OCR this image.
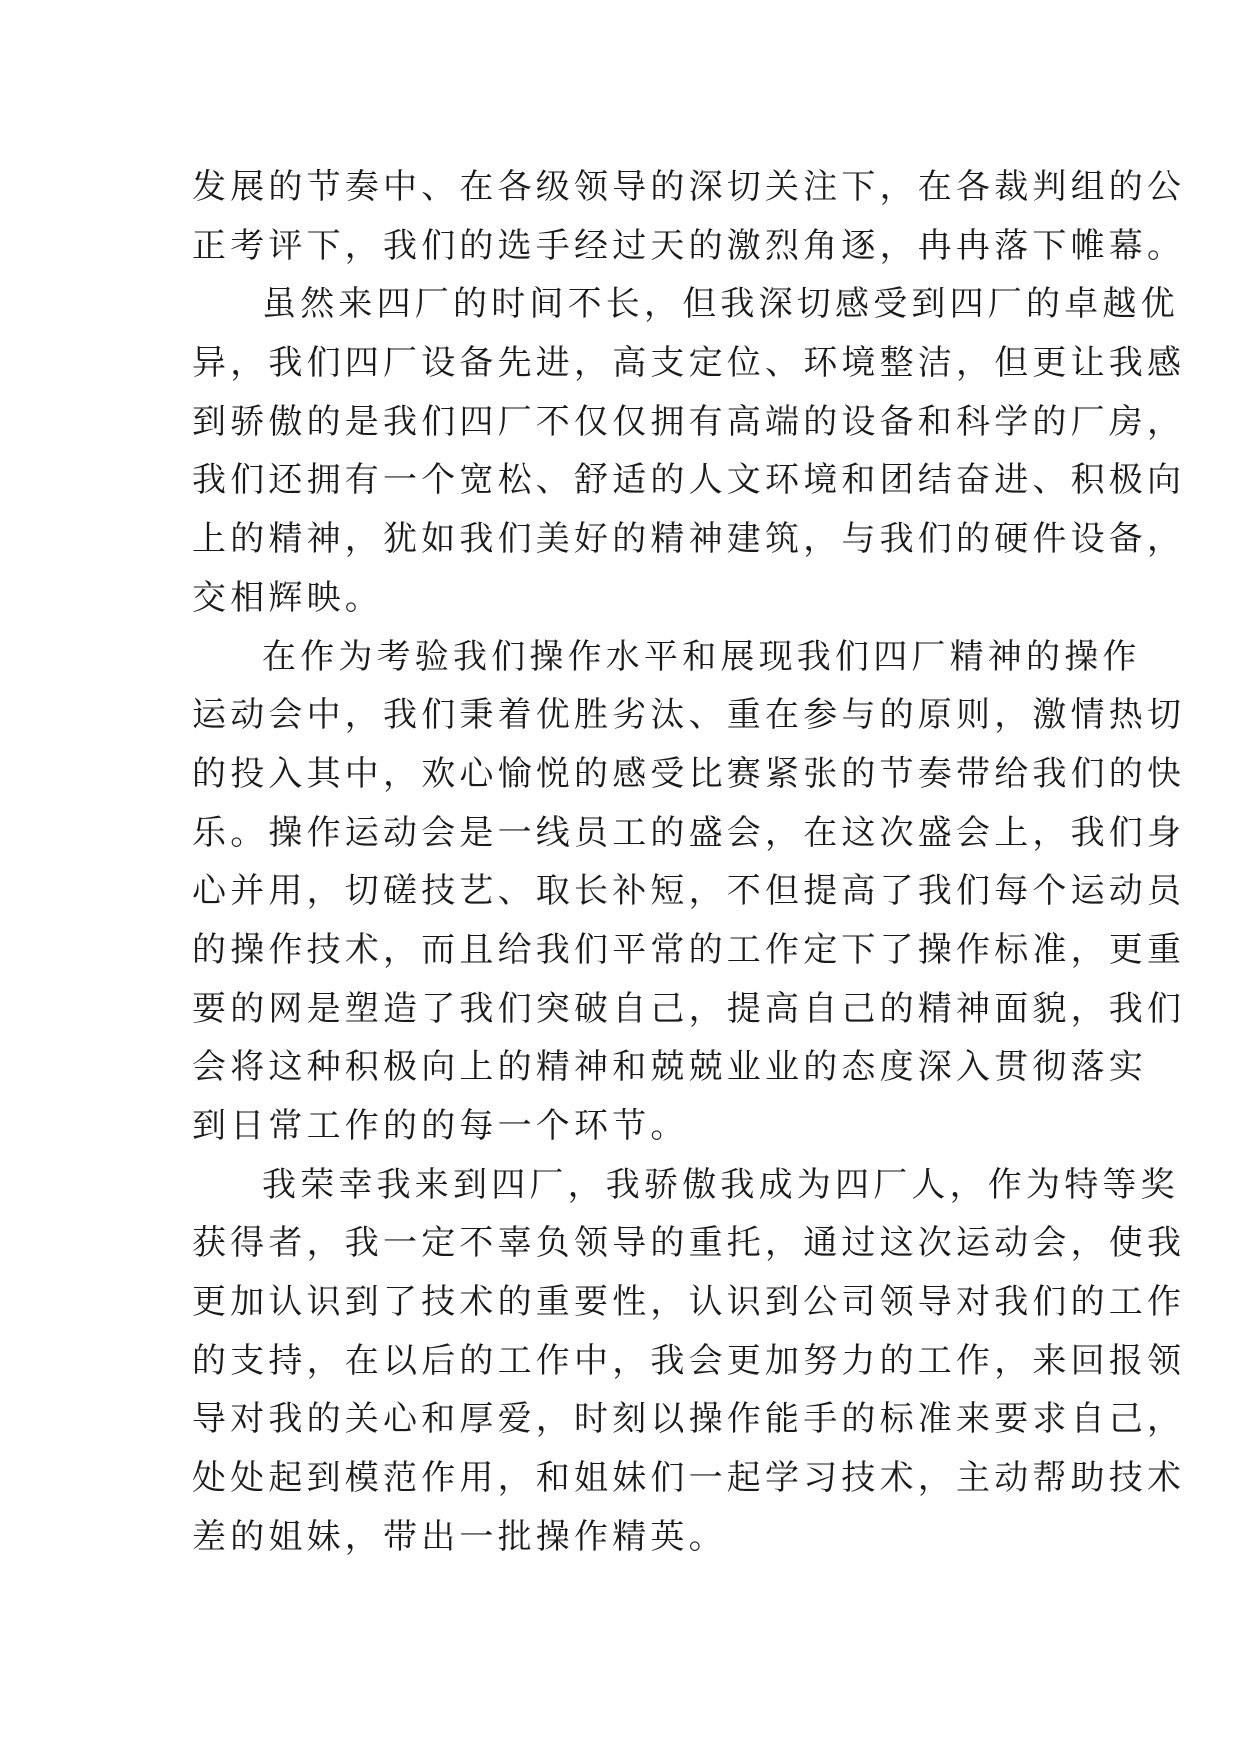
发展的节奏中、在各级领导的深切关注下，在各裁判组的公
正考评下，我们的选手经过天的激烈角逐，冉冉落下帷幕。
虽然来四厂的时间不长，但我深切感受到四厂的卓越优
异，我们四厂设备先进，高支定位、环境整洁，但更让我感
到骄傲的是我们四厂不仅仅拥有高端的设备和科学的厂房，
我们还拥有一个宽松、舒适的人文环境和团结奋进、积极向
上的精神，犹如我们美好的精神建筑，与我们的硬件设备，
交相辉映。
在作为考验我们操作水平和展现我们四厂精神的操作
运动会中，我们秉着优胜劣汰、重在参与的原则，激情热切
的投入其中，欢心愉悦的感受比赛紧张的节奏带给我们的快
乐。操作运动会是一线员工的盛会，在这次盛会上，我们身
心并用，切磋技艺、取长补短，不但提高了我们每个运动员
的操作技术，而且给我们平常的工作定下了操作标准，更重
要的网是塑造了我们突破自己，提高自己的精神面貌，我们
会将这种积极向上的精神和兢兢业业的态度深入贯彻落实
到日常工作的的每一个环节。
我荣幸我来到四厂，我骄傲我成为四厂人，作为特等奖
获得者，我一定不辜负领导的重托，通过这次运动会，使我
更加认识到了技术的重要性，认识到公司领导对我们的工作
的支持，在以后的工作中，我会更加努力的工作，来回报领
导对我的关心和厚爱，时刻以操作能手的标准来要求自己，
处处起到模范作用，和姐妹们一起学习技术，主动帮助技术
差的姐妹，带出一批操作精英。
